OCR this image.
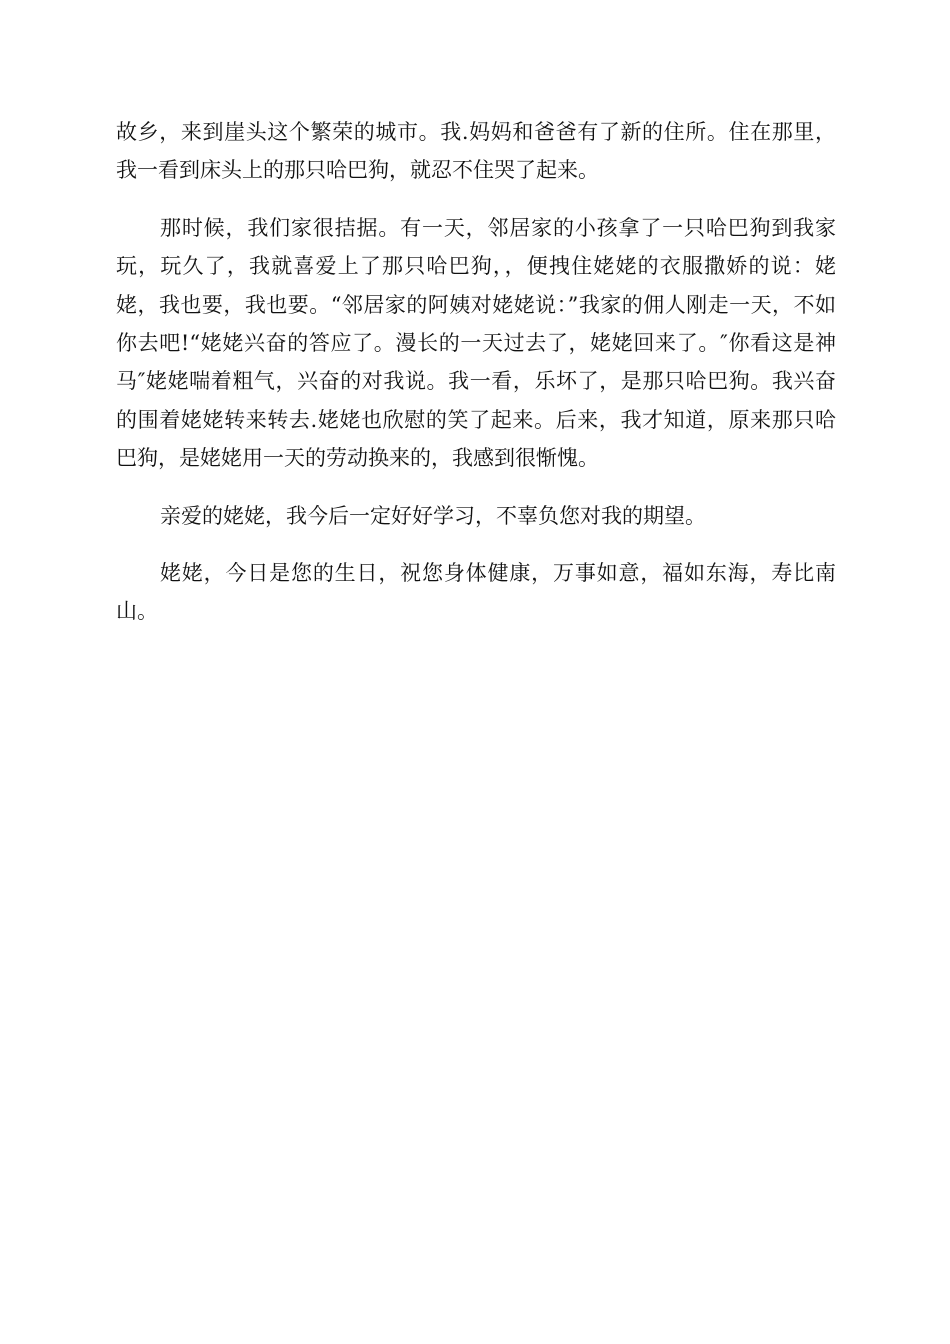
故乡，来到崖头这个繁荣的城市。我.妈妈和爸爸有了新的住所。住在那里，我一看到床头上的那只哈巴狗，就忍不住哭了起来。

那时候，我们家很拮据。有一天，邻居家的小孩拿了一只哈巴狗到我家玩，玩久了，我就喜爱上了那只哈巴狗，，便拽住姥姥的衣服撒娇的说：姥姥，我也要，我也要。“邻居家的阿姨对姥姥说：”我家的佣人刚走一天，不如你去吧!“姥姥兴奋的答应了。漫长的一天过去了，姥姥回来了。″你看这是神马″姥姥喘着粗气，兴奋的对我说。我一看，乐坏了，是那只哈巴狗。我兴奋的围着姥姥转来转去.姥姥也欣慰的笑了起来。后来，我才知道，原来那只哈巴狗，是姥姥用一天的劳动换来的，我感到很惭愧。

亲爱的姥姥，我今后一定好好学习，不辜负您对我的期望。

姥姥，今日是您的生日，祝您身体健康，万事如意，福如东海，寿比南山。
